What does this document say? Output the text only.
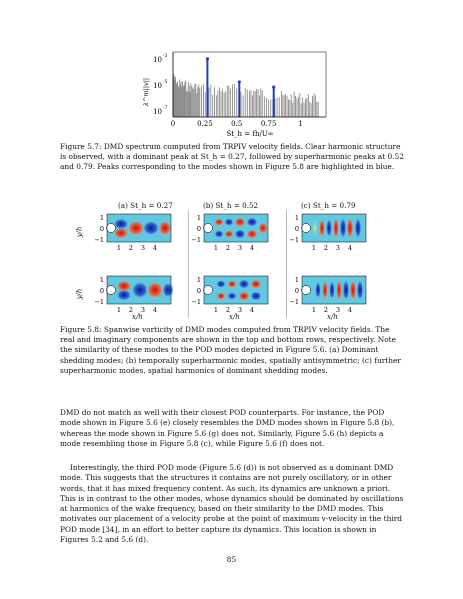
10 -3
10 -5
10 -7
0	0.25	0.5	0.75	1
λ^m||v||
St_h = fh/U∞
Figure 5.7: DMD spectrum computed from TRPIV velocity fields. Clear harmonic structure is observed, with a dominant peak at St_h = 0.27, followed by superharmonic peaks at 0.52 and 0.79. Peaks corresponding to the modes shown in Figure 5.8 are highlighted in blue.
(a) St_h = 0.27	(b) St_h = 0.52	(c) St_h = 0.79
y/h
y/h
1
0
−1
1 2 3 4
1
0
−1
1 2 3 4
1
0
−1
1 2 3 4
1
0
−1
1 2 3 4
1
0
−1
1 2 3 4
1
0
−1
1 2 3 4
x/h	x/h	x/h
Figure 5.8: Spanwise vorticity of DMD modes computed from TRPIV velocity fields. The real and imaginary components are shown in the top and bottom rows, respectively. Note the similarity of these modes to the POD modes depicted in Figure 5.6. (a) Dominant shedding modes; (b) temporally superharmonic modes, spatially antisymmetric; (c) further superharmonic modes, spatial harmonics of dominant shedding modes.
DMD do not match as well with their closest POD counterparts. For instance, the POD mode shown in Figure 5.6 (e) closely resembles the DMD modes shown in Figure 5.8 (b), whereas the mode shown in Figure 5.6 (g) does not. Similarly, Figure 5.6 (h) depicts a mode resembling those in Figure 5.8 (c), while Figure 5.6 (f) does not.
Interestingly, the third POD mode (Figure 5.6 (d)) is not observed as a dominant DMD mode. This suggests that the structures it contains are not purely oscillatory, or in other words, that it has mixed frequency content. As such, its dynamics are unknown a priori. This is in contrast to the other modes, whose dynamics should be dominated by oscillations at harmonics of the wake frequency, based on their similarity to the DMD modes. This motivates our placement of a velocity probe at the point of maximum v-velocity in the third POD mode [34], in an effort to better capture its dynamics. This location is shown in Figures 5.2 and 5.6 (d).
85
